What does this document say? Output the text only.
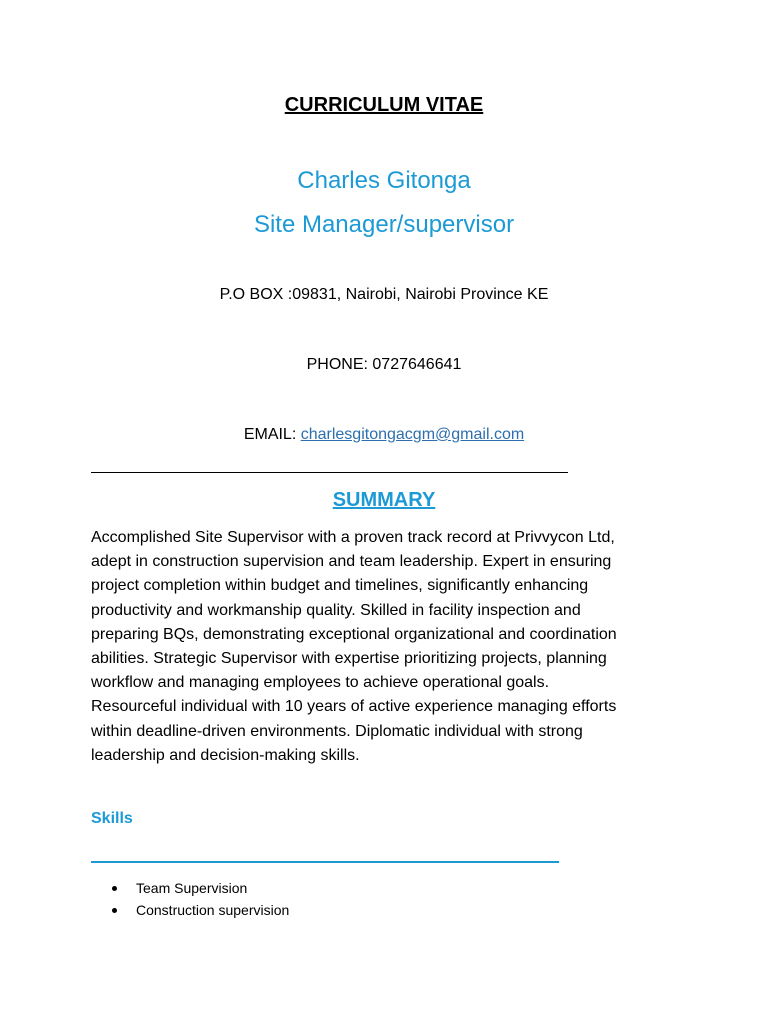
CURRICULUM VITAE
Charles Gitonga
Site Manager/supervisor
P.O BOX :09831, Nairobi, Nairobi Province KE
PHONE: 0727646641
EMAIL: charlesgitongacgm@gmail.com
SUMMARY
Accomplished Site Supervisor with a proven track record at Privvycon Ltd,
adept in construction supervision and team leadership. Expert in ensuring
project completion within budget and timelines, significantly enhancing
productivity and workmanship quality. Skilled in facility inspection and
preparing BQs, demonstrating exceptional organizational and coordination
abilities. Strategic Supervisor with expertise prioritizing projects, planning
workflow and managing employees to achieve operational goals.
Resourceful individual with 10 years of active experience managing efforts
within deadline-driven environments. Diplomatic individual with strong
leadership and decision-making skills.
Skills
Team Supervision
Construction supervision
